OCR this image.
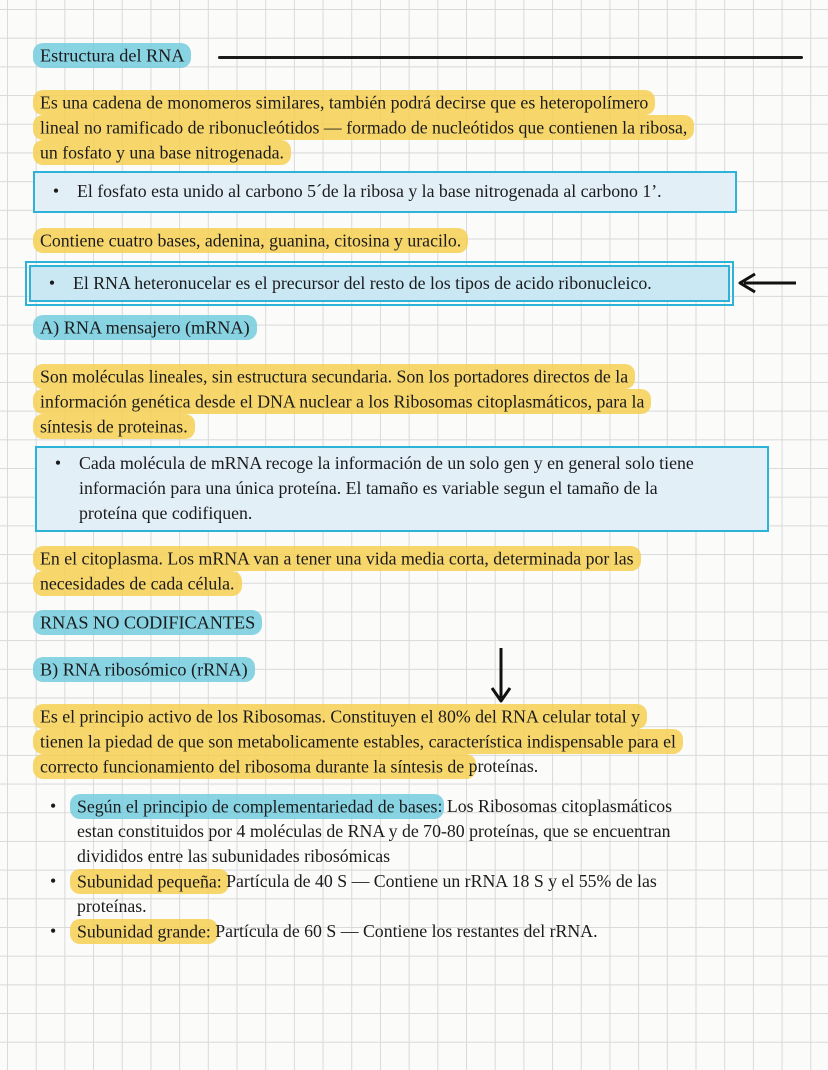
Estructura del RNA
Es una cadena de monomeros similares, también podrá decirse que es heteropolímero
lineal no ramificado de ribonucleótidos — formado de nucleótidos que contienen la ribosa,
un fosfato y una base nitrogenada.
•	El fosfato esta unido al carbono 5´de la ribosa y la base nitrogenada al carbono 1’.
Contiene cuatro bases, adenina, guanina, citosina y uracilo.
•	El RNA heteronucelar es el precursor del resto de los tipos de acido ribonucleico.
A) RNA mensajero (mRNA)
Son moléculas lineales, sin estructura secundaria. Son los portadores directos de la
información genética desde el DNA nuclear a los Ribosomas citoplasmáticos, para la
síntesis de proteinas.
•	Cada molécula de mRNA recoge la información de un solo gen y en general solo tiene
información para una única proteína. El tamaño es variable segun el tamaño de la
proteína que codifiquen.
En el citoplasma. Los mRNA van a tener una vida media corta, determinada por las
necesidades de cada célula.
RNAS NO CODIFICANTES
B) RNA ribosómico (rRNA)
Es el principio activo de los Ribosomas. Constituyen el 80% del RNA celular total y
tienen la piedad de que son metabolicamente estables, característica indispensable para el
correcto funcionamiento del ribosoma durante la síntesis de proteínas.
•	Según el principio de complementariedad de bases: Los Ribosomas citoplasmáticos
estan constituidos por 4 moléculas de RNA y de 70-80 proteínas, que se encuentran
divididos entre las subunidades ribosómicas
•	Subunidad pequeña: Partícula de 40 S — Contiene un rRNA 18 S y el 55% de las
proteínas.
•	Subunidad grande: Partícula de 60 S — Contiene los restantes del rRNA.
